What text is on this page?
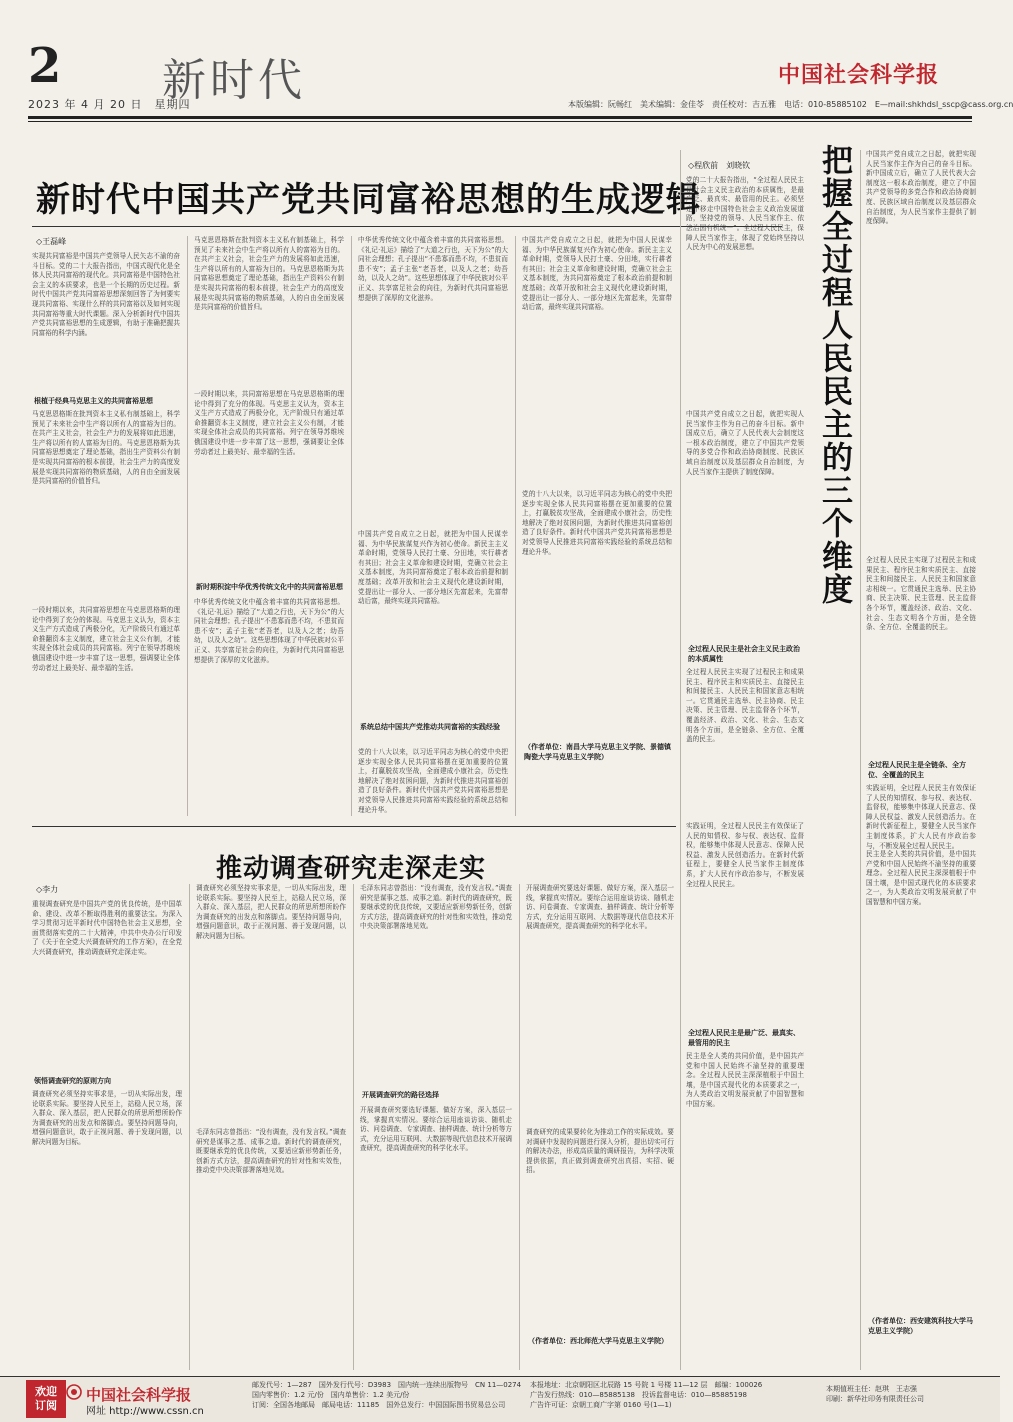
2
2023 年 4 月 20 日　星期四
新时代	中国社会科学报
本版编辑：阮畅红　美术编辑：金佳苓　责任校对：吉五雅　电话：010-85885102　E—mail:shkhdsl_sscp@cass.org.cn
新时代中国共产党共同富裕思想的生成逻辑
◇王磊峰
实现共同富裕是中国共产党领导人民矢志不渝的奋斗目标。党的二十大报告指出，中国式现代化是全体人民共同富裕的现代化。共同富裕是中国特色社会主义的本质要求，也是一个长期的历史过程。新时代中国共产党共同富裕思想深刻回答了为何要实现共同富裕、实现什么样的共同富裕以及如何实现共同富裕等重大时代课题。深入分析新时代中国共产党共同富裕思想的生成逻辑，有助于准确把握共同富裕的科学内涵。
根植于经典马克思主义的共同富裕思想
马克思恩格斯在批判资本主义私有制基础上，科学预见了未来社会中生产将以所有人的富裕为目的。在共产主义社会，社会生产力的发展将如此迅速，生产将以所有的人富裕为目的。马克思恩格斯为共同富裕思想奠定了理论基础，指出生产资料公有制是实现共同富裕的根本前提，社会生产力的高度发展是实现共同富裕的物质基础，人的自由全面发展是共同富裕的价值旨归。
一段时期以来，共同富裕思想在马克思恩格斯的理论中得到了充分的体现。马克思主义认为，资本主义生产方式造成了两极分化，无产阶级只有通过革命推翻资本主义制度，建立社会主义公有制，才能实现全体社会成员的共同富裕。列宁在领导苏维埃俄国建设中进一步丰富了这一思想，强调要让全体劳动者过上最美好、最幸福的生活。
马克思恩格斯在批判资本主义私有制基础上，科学预见了未来社会中生产将以所有人的富裕为目的。在共产主义社会，社会生产力的发展将如此迅速，生产将以所有的人富裕为目的。马克思恩格斯为共同富裕思想奠定了理论基础，指出生产资料公有制是实现共同富裕的根本前提，社会生产力的高度发展是实现共同富裕的物质基础，人的自由全面发展是共同富裕的价值旨归。
一段时期以来，共同富裕思想在马克思恩格斯的理论中得到了充分的体现。马克思主义认为，资本主义生产方式造成了两极分化，无产阶级只有通过革命推翻资本主义制度，建立社会主义公有制，才能实现全体社会成员的共同富裕。列宁在领导苏维埃俄国建设中进一步丰富了这一思想，强调要让全体劳动者过上最美好、最幸福的生活。
新时期积淀中华优秀传统文化中的共同富裕思想
中华优秀传统文化中蕴含着丰富的共同富裕思想。《礼记·礼运》描绘了“大道之行也，天下为公”的大同社会理想；孔子提出“不患寡而患不均，不患贫而患不安”；孟子主张“老吾老，以及人之老；幼吾幼，以及人之幼”。这些思想体现了中华民族对公平正义、共享富足社会的向往，为新时代共同富裕思想提供了深厚的文化滋养。
中华优秀传统文化中蕴含着丰富的共同富裕思想。《礼记·礼运》描绘了“大道之行也，天下为公”的大同社会理想；孔子提出“不患寡而患不均，不患贫而患不安”；孟子主张“老吾老，以及人之老；幼吾幼，以及人之幼”。这些思想体现了中华民族对公平正义、共享富足社会的向往，为新时代共同富裕思想提供了深厚的文化滋养。
中国共产党自成立之日起，就把为中国人民谋幸福、为中华民族谋复兴作为初心使命。新民主主义革命时期，党领导人民打土豪、分田地，实行耕者有其田；社会主义革命和建设时期，党确立社会主义基本制度，为共同富裕奠定了根本政治前提和制度基础；改革开放和社会主义现代化建设新时期，党提出让一部分人、一部分地区先富起来，先富带动后富，最终实现共同富裕。
系统总结中国共产党推动共同富裕的实践经验
党的十八大以来，以习近平同志为核心的党中央把逐步实现全体人民共同富裕摆在更加重要的位置上，打赢脱贫攻坚战，全面建成小康社会，历史性地解决了绝对贫困问题，为新时代推进共同富裕创造了良好条件。新时代中国共产党共同富裕思想是对党领导人民推进共同富裕实践经验的系统总结和理论升华。
中国共产党自成立之日起，就把为中国人民谋幸福、为中华民族谋复兴作为初心使命。新民主主义革命时期，党领导人民打土豪、分田地，实行耕者有其田；社会主义革命和建设时期，党确立社会主义基本制度，为共同富裕奠定了根本政治前提和制度基础；改革开放和社会主义现代化建设新时期，党提出让一部分人、一部分地区先富起来，先富带动后富，最终实现共同富裕。
党的十八大以来，以习近平同志为核心的党中央把逐步实现全体人民共同富裕摆在更加重要的位置上，打赢脱贫攻坚战，全面建成小康社会，历史性地解决了绝对贫困问题，为新时代推进共同富裕创造了良好条件。新时代中国共产党共同富裕思想是对党领导人民推进共同富裕实践经验的系统总结和理论升华。
（作者单位：南昌大学马克思主义学院、景德镇陶瓷大学马克思主义学院）
◇程欣前　刘晓钦 把握全过程人民民主的三个维度
党的二十大报告指出，“全过程人民民主是社会主义民主政治的本质属性，是最广泛、最真实、最管用的民主。必须坚定不移走中国特色社会主义政治发展道路，坚持党的领导、人民当家作主、依法治国有机统一”。全过程人民民主，保障人民当家作主，体现了党始终坚持以人民为中心的发展思想。
中国共产党自成立之日起，就把实现人民当家作主作为自己的奋斗目标。新中国成立后，确立了人民代表大会制度这一根本政治制度，建立了中国共产党领导的多党合作和政治协商制度、民族区域自治制度以及基层群众自治制度，为人民当家作主提供了制度保障。
全过程人民民主是社会主义民主政治的本质属性
全过程人民民主实现了过程民主和成果民主、程序民主和实质民主、直接民主和间接民主、人民民主和国家意志相统一。它贯通民主选举、民主协商、民主决策、民主管理、民主监督各个环节，覆盖经济、政治、文化、社会、生态文明各个方面，是全链条、全方位、全覆盖的民主。
中国共产党自成立之日起，就把实现人民当家作主作为自己的奋斗目标。新中国成立后，确立了人民代表大会制度这一根本政治制度，建立了中国共产党领导的多党合作和政治协商制度、民族区域自治制度以及基层群众自治制度，为人民当家作主提供了制度保障。
全过程人民民主实现了过程民主和成果民主、程序民主和实质民主、直接民主和间接民主、人民民主和国家意志相统一。它贯通民主选举、民主协商、民主决策、民主管理、民主监督各个环节，覆盖经济、政治、文化、社会、生态文明各个方面，是全链条、全方位、全覆盖的民主。
全过程人民民主是全链条、全方位、全覆盖的民主
实践证明，全过程人民民主有效保证了人民的知情权、参与权、表达权、监督权，能够集中体现人民意志、保障人民权益、激发人民创造活力。在新时代新征程上，要健全人民当家作主制度体系，扩大人民有序政治参与，不断发展全过程人民民主。
实践证明，全过程人民民主有效保证了人民的知情权、参与权、表达权、监督权，能够集中体现人民意志、保障人民权益、激发人民创造活力。在新时代新征程上，要健全人民当家作主制度体系，扩大人民有序政治参与，不断发展全过程人民民主。
全过程人民民主是最广泛、最真实、最管用的民主
民主是全人类的共同价值，是中国共产党和中国人民始终不渝坚持的重要理念。全过程人民民主深深植根于中国土壤，是中国式现代化的本质要求之一，为人类政治文明发展贡献了中国智慧和中国方案。
民主是全人类的共同价值，是中国共产党和中国人民始终不渝坚持的重要理念。全过程人民民主深深植根于中国土壤，是中国式现代化的本质要求之一，为人类政治文明发展贡献了中国智慧和中国方案。
（作者单位：西安建筑科技大学马克思主义学院）
推动调查研究走深走实
◇李力
重视调查研究是中国共产党的优良传统，是中国革命、建设、改革不断取得胜利的重要法宝。为深入学习贯彻习近平新时代中国特色社会主义思想，全面贯彻落实党的二十大精神，中共中央办公厅印发了《关于在全党大兴调查研究的工作方案》，在全党大兴调查研究，推动调查研究走深走实。
领悟调查研究的原则方向
调查研究必须坚持实事求是，一切从实际出发，理论联系实际。要坚持人民至上，站稳人民立场，深入群众、深入基层，把人民群众的所思所想所盼作为调查研究的出发点和落脚点。要坚持问题导向，增强问题意识，敢于正视问题、善于发现问题，以解决问题为目标。
调查研究必须坚持实事求是，一切从实际出发，理论联系实际。要坚持人民至上，站稳人民立场，深入群众、深入基层，把人民群众的所思所想所盼作为调查研究的出发点和落脚点。要坚持问题导向，增强问题意识，敢于正视问题、善于发现问题，以解决问题为目标。
毛泽东同志曾指出：“没有调查，没有发言权。”调查研究是谋事之基、成事之道。新时代的调查研究，既要继承党的优良传统，又要适应新形势新任务，创新方式方法，提高调查研究的针对性和实效性，推动党中央决策部署落地见效。
毛泽东同志曾指出：“没有调查，没有发言权。”调查研究是谋事之基、成事之道。新时代的调查研究，既要继承党的优良传统，又要适应新形势新任务，创新方式方法，提高调查研究的针对性和实效性，推动党中央决策部署落地见效。
开展调查研究的路径选择
开展调查研究要选好课题、做好方案，深入基层一线，掌握真实情况。要综合运用座谈访谈、随机走访、问卷调查、专家调查、抽样调查、统计分析等方式，充分运用互联网、大数据等现代信息技术开展调查研究，提高调查研究的科学化水平。
开展调查研究要选好课题、做好方案，深入基层一线，掌握真实情况。要综合运用座谈访谈、随机走访、问卷调查、专家调查、抽样调查、统计分析等方式，充分运用互联网、大数据等现代信息技术开展调查研究，提高调查研究的科学化水平。
调查研究的成果要转化为推动工作的实际成效。要对调研中发现的问题进行深入分析，提出切实可行的解决办法，形成高质量的调研报告，为科学决策提供依据，真正做到调查研究出真招、实招、硬招。
（作者单位：西北师范大学马克思主义学院）
欢迎
订阅
中国社会科学报
网址 http://www.cssn.cn
邮发代号：1—287　国外发行代号：D3983　国内统一连续出版物号　CN 11—0274
国内零售价：1.2 元/份　国内单售价：1.2 美元/份
订阅：全国各地邮局　邮局电话：11185　国外总发行：中国国际图书贸易总公司
本报地址：北京朝阳区北辰路 15 号院 1 号楼 11—12 层　邮编：100026
广告发行热线：010—85885138　投诉监督电话：010—85885198
广告许可证：京朝工商广字第 0160 号(1—1)
本期值班主任：赵琪　王志强
印刷：新华社印务有限责任公司
